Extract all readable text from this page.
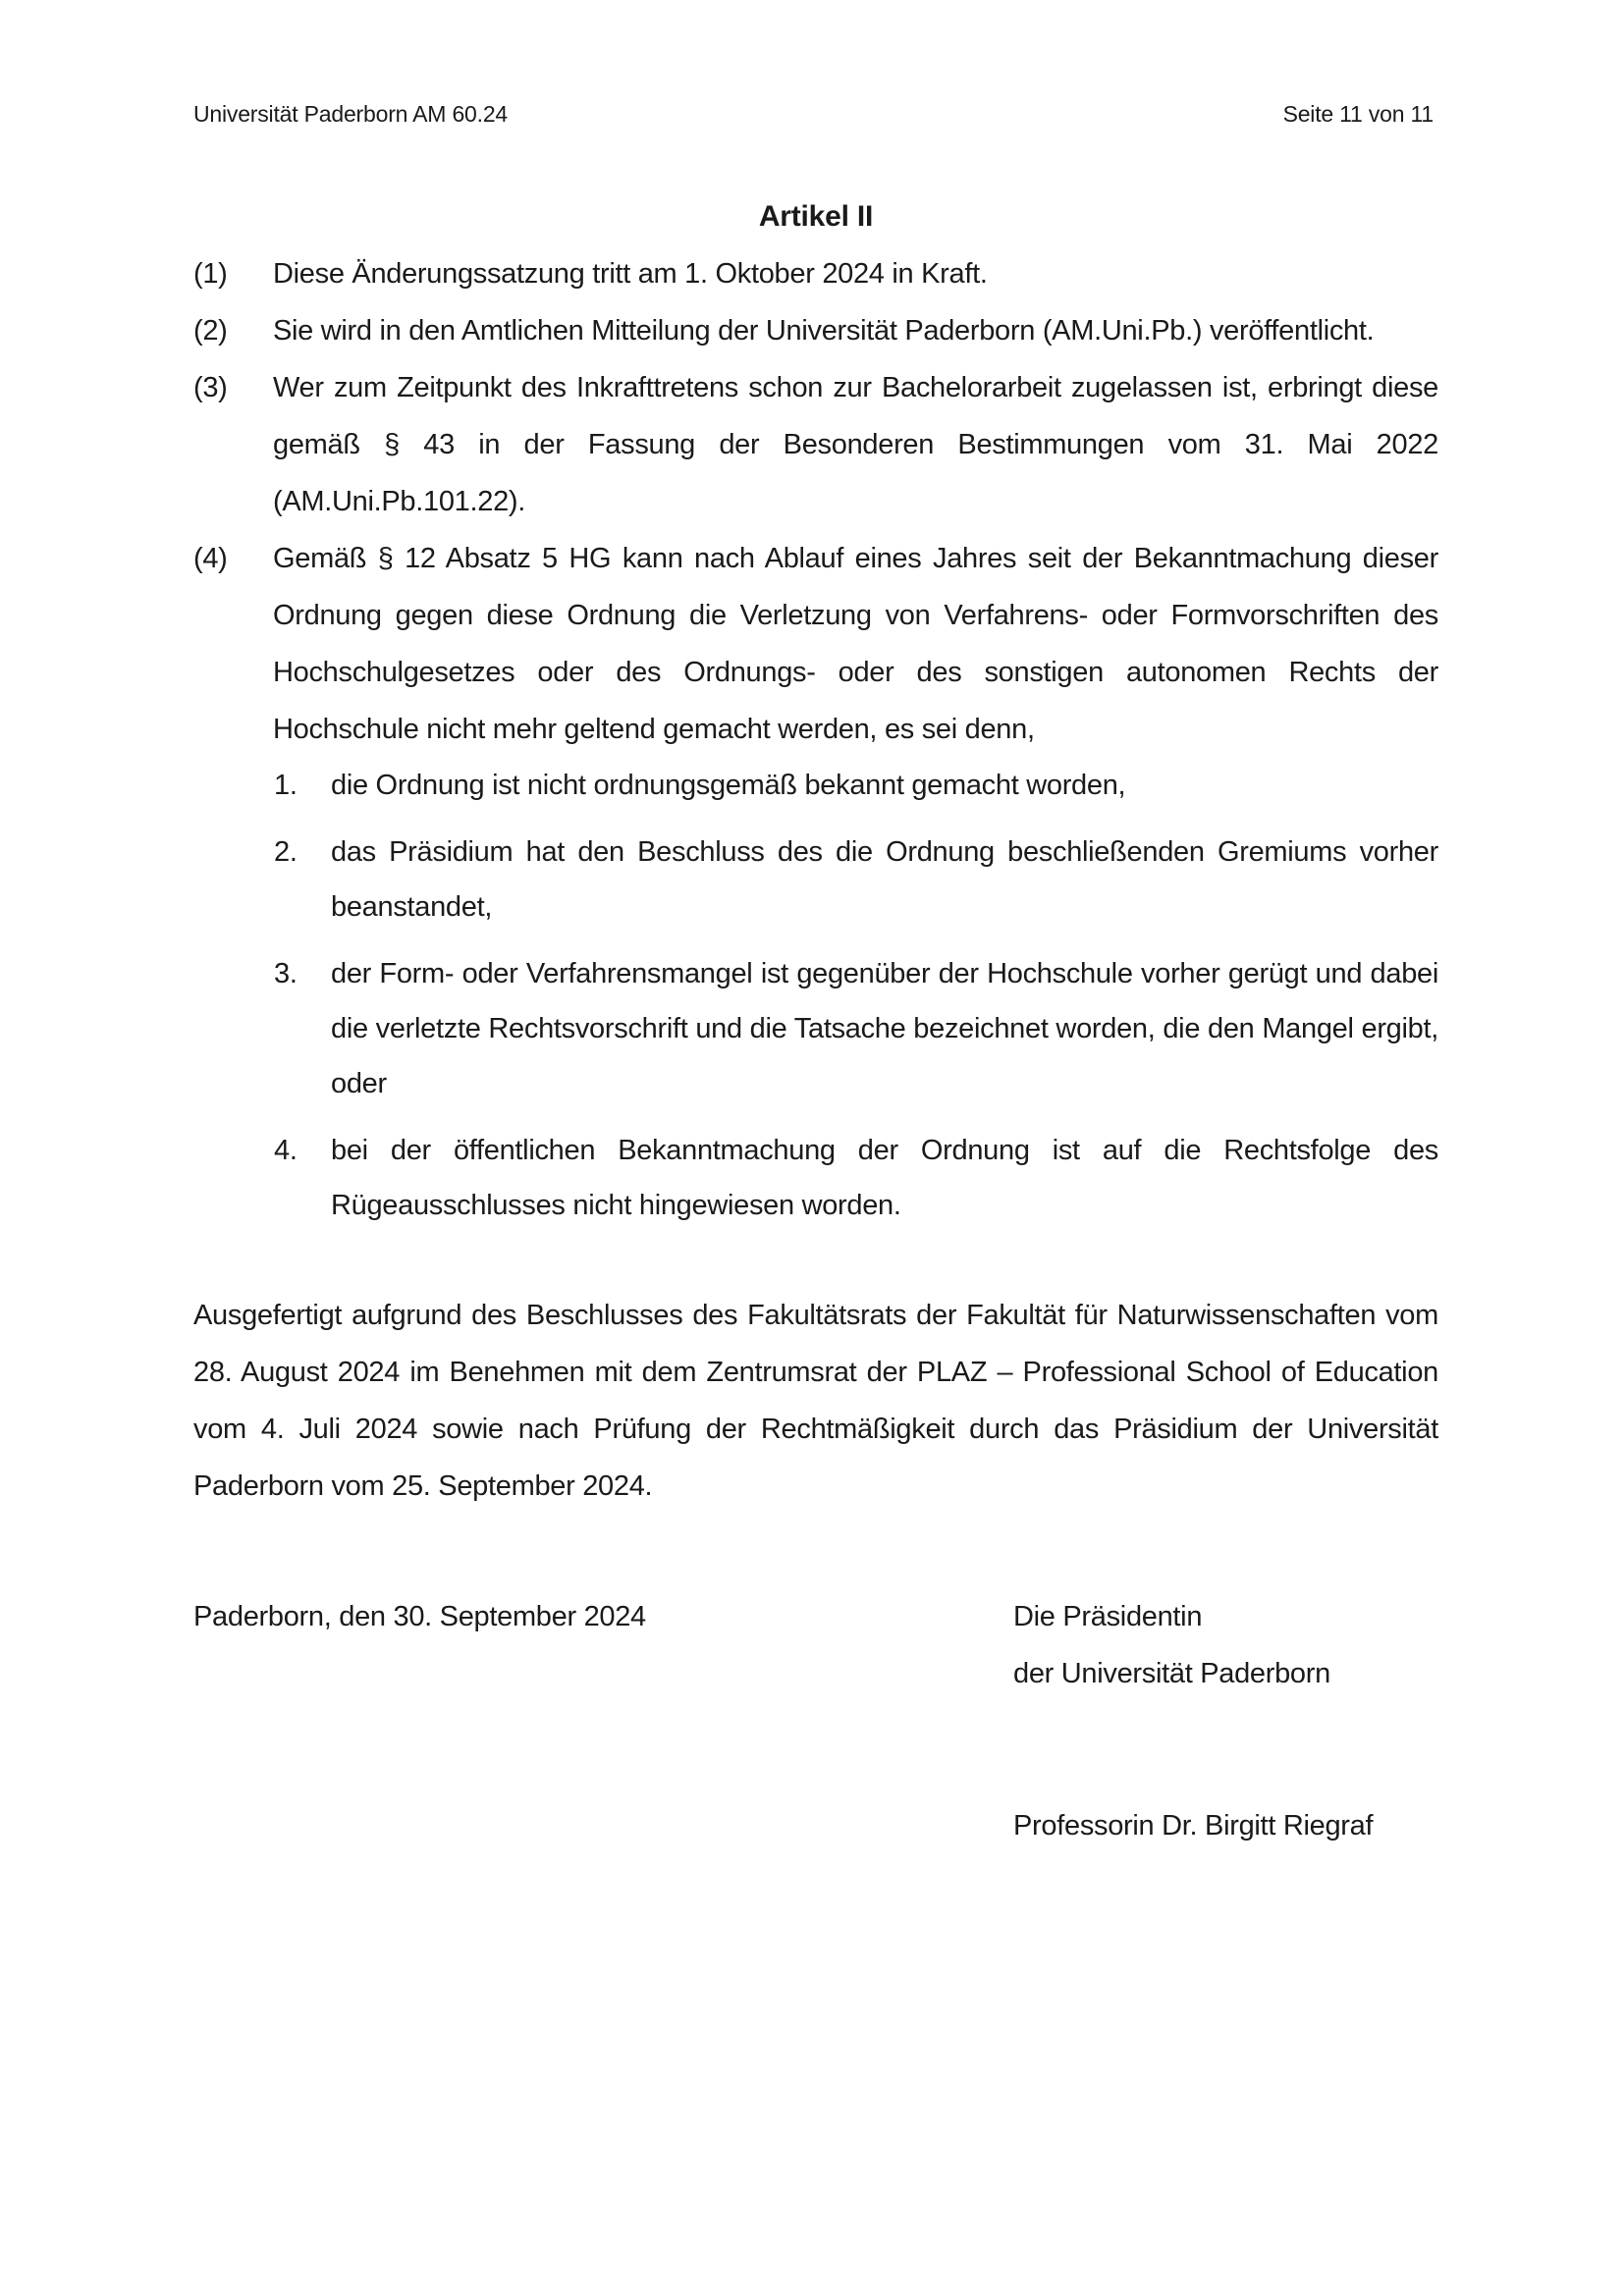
Universität Paderborn AM 60.24	Seite 11 von 11
Artikel II
(1) Diese Änderungssatzung tritt am 1. Oktober 2024 in Kraft.
(2) Sie wird in den Amtlichen Mitteilung der Universität Paderborn (AM.Uni.Pb.) veröffentlicht.
(3) Wer zum Zeitpunkt des Inkrafttretens schon zur Bachelorarbeit zugelassen ist, erbringt diese gemäß § 43 in der Fassung der Besonderen Bestimmungen vom 31. Mai 2022 (AM.Uni.Pb.101.22).
(4) Gemäß § 12 Absatz 5 HG kann nach Ablauf eines Jahres seit der Bekanntmachung dieser Ordnung gegen diese Ordnung die Verletzung von Verfahrens- oder Formvorschriften des Hochschulgesetzes oder des Ordnungs- oder des sonstigen autonomen Rechts der Hochschule nicht mehr geltend gemacht werden, es sei denn,
1. die Ordnung ist nicht ordnungsgemäß bekannt gemacht worden,
2. das Präsidium hat den Beschluss des die Ordnung beschließenden Gremiums vorher beanstandet,
3. der Form- oder Verfahrensmangel ist gegenüber der Hochschule vorher gerügt und dabei die verletzte Rechtsvorschrift und die Tatsache bezeichnet worden, die den Mangel ergibt, oder
4. bei der öffentlichen Bekanntmachung der Ordnung ist auf die Rechtsfolge des Rügeausschlusses nicht hingewiesen worden.
Ausgefertigt aufgrund des Beschlusses des Fakultätsrats der Fakultät für Naturwissenschaften vom 28. August 2024 im Benehmen mit dem Zentrumsrat der PLAZ – Professional School of Education vom 4. Juli 2024 sowie nach Prüfung der Rechtmäßigkeit durch das Präsidium der Universität Paderborn vom 25. September 2024.
Paderborn, den 30. September 2024	Die Präsidentin
der Universität Paderborn
Professorin Dr. Birgitt Riegraf
